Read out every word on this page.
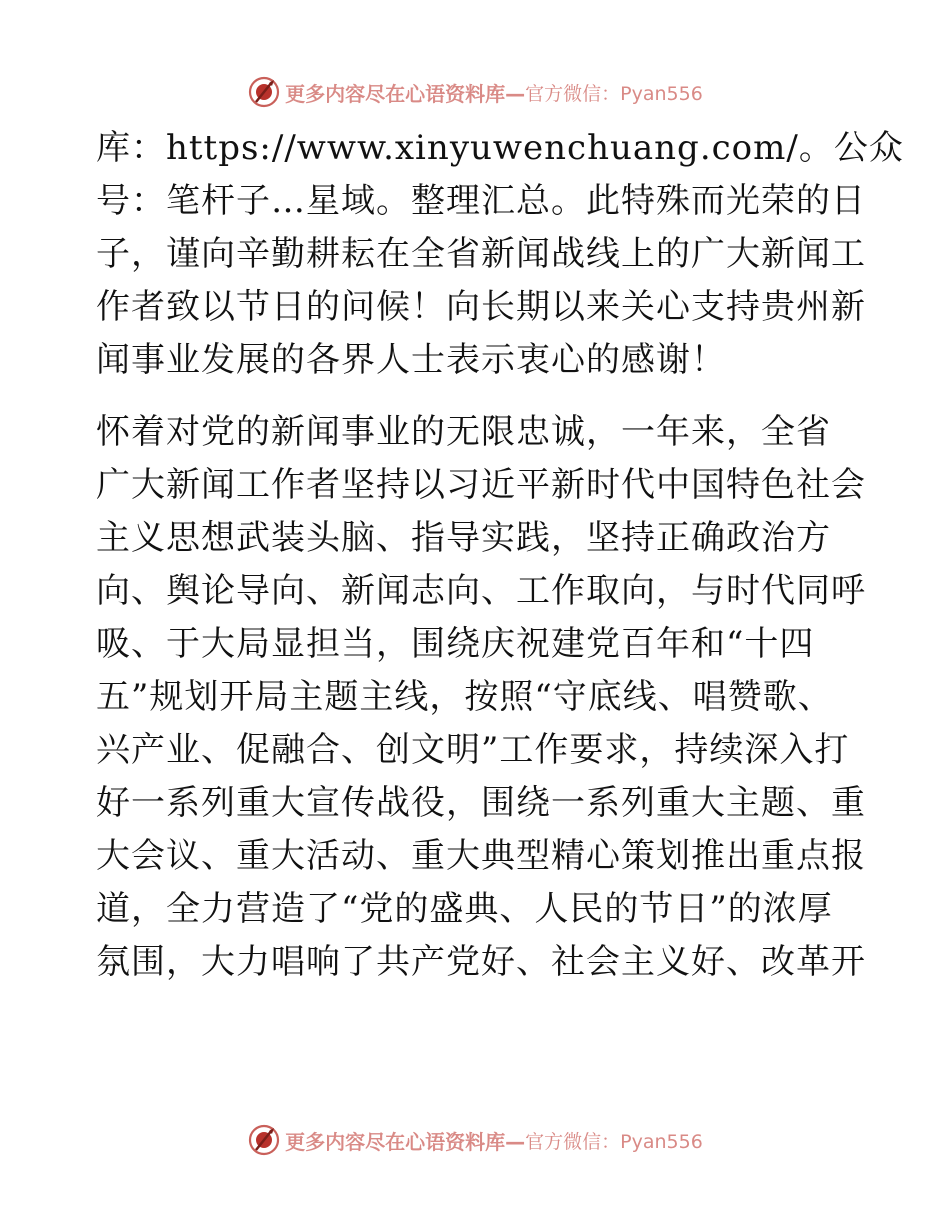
更多内容尽在心语资料库— 官方微信：Pyan556
库：https://www.xinyuwenchuang.com/。公众
号：笔杆子…星域。整理汇总。此特殊而光荣的日
子，谨向辛勤耕耘在全省新闻战线上的广大新闻工
作者致以节日的问候！向长期以来关心支持贵州新
闻事业发展的各界人士表示衷心的感谢！
怀着对党的新闻事业的无限忠诚，一年来，全省
广大新闻工作者坚持以习近平新时代中国特色社会
主义思想武装头脑、指导实践，坚持正确政治方
向、舆论导向、新闻志向、工作取向，与时代同呼
吸、于大局显担当，围绕庆祝建党百年和“十四
五”规划开局主题主线，按照“守底线、唱赞歌、
兴产业、促融合、创文明”工作要求，持续深入打
好一系列重大宣传战役，围绕一系列重大主题、重
大会议、重大活动、重大典型精心策划推出重点报
道，全力营造了“党的盛典、人民的节日”的浓厚
氛围，大力唱响了共产党好、社会主义好、改革开
更多内容尽在心语资料库— 官方微信：Pyan556
